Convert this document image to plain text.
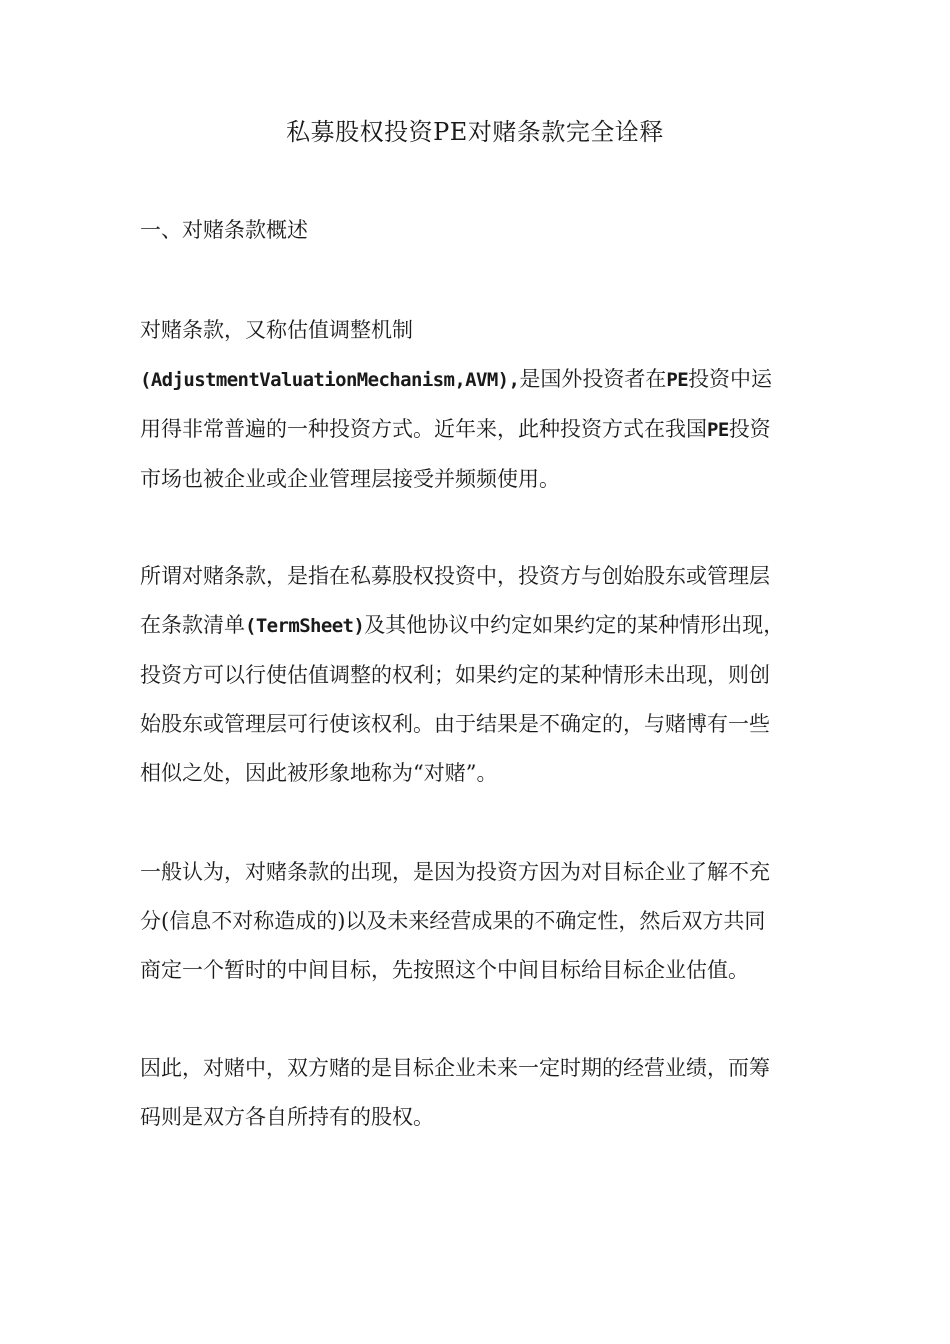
私募股权投资PE对赌条款完全诠释
一、对赌条款概述

对赌条款，又称估值调整机制
(AdjustmentValuationMechanism,AVM),是国外投资者在PE投资中运
用得非常普遍的一种投资方式。近年来，此种投资方式在我国PE投资
市场也被企业或企业管理层接受并频频使用。

所谓对赌条款，是指在私募股权投资中，投资方与创始股东或管理层
在条款清单(TermSheet)及其他协议中约定如果约定的某种情形出现，
投资方可以行使估值调整的权利；如果约定的某种情形未出现，则创
始股东或管理层可行使该权利。由于结果是不确定的，与赌博有一些
相似之处，因此被形象地称为“对赌”。

一般认为，对赌条款的出现，是因为投资方因为对目标企业了解不充
分(信息不对称造成的)以及未来经营成果的不确定性，然后双方共同
商定一个暂时的中间目标，先按照这个中间目标给目标企业估值。

因此，对赌中，双方赌的是目标企业未来一定时期的经营业绩，而筹
码则是双方各自所持有的股权。
